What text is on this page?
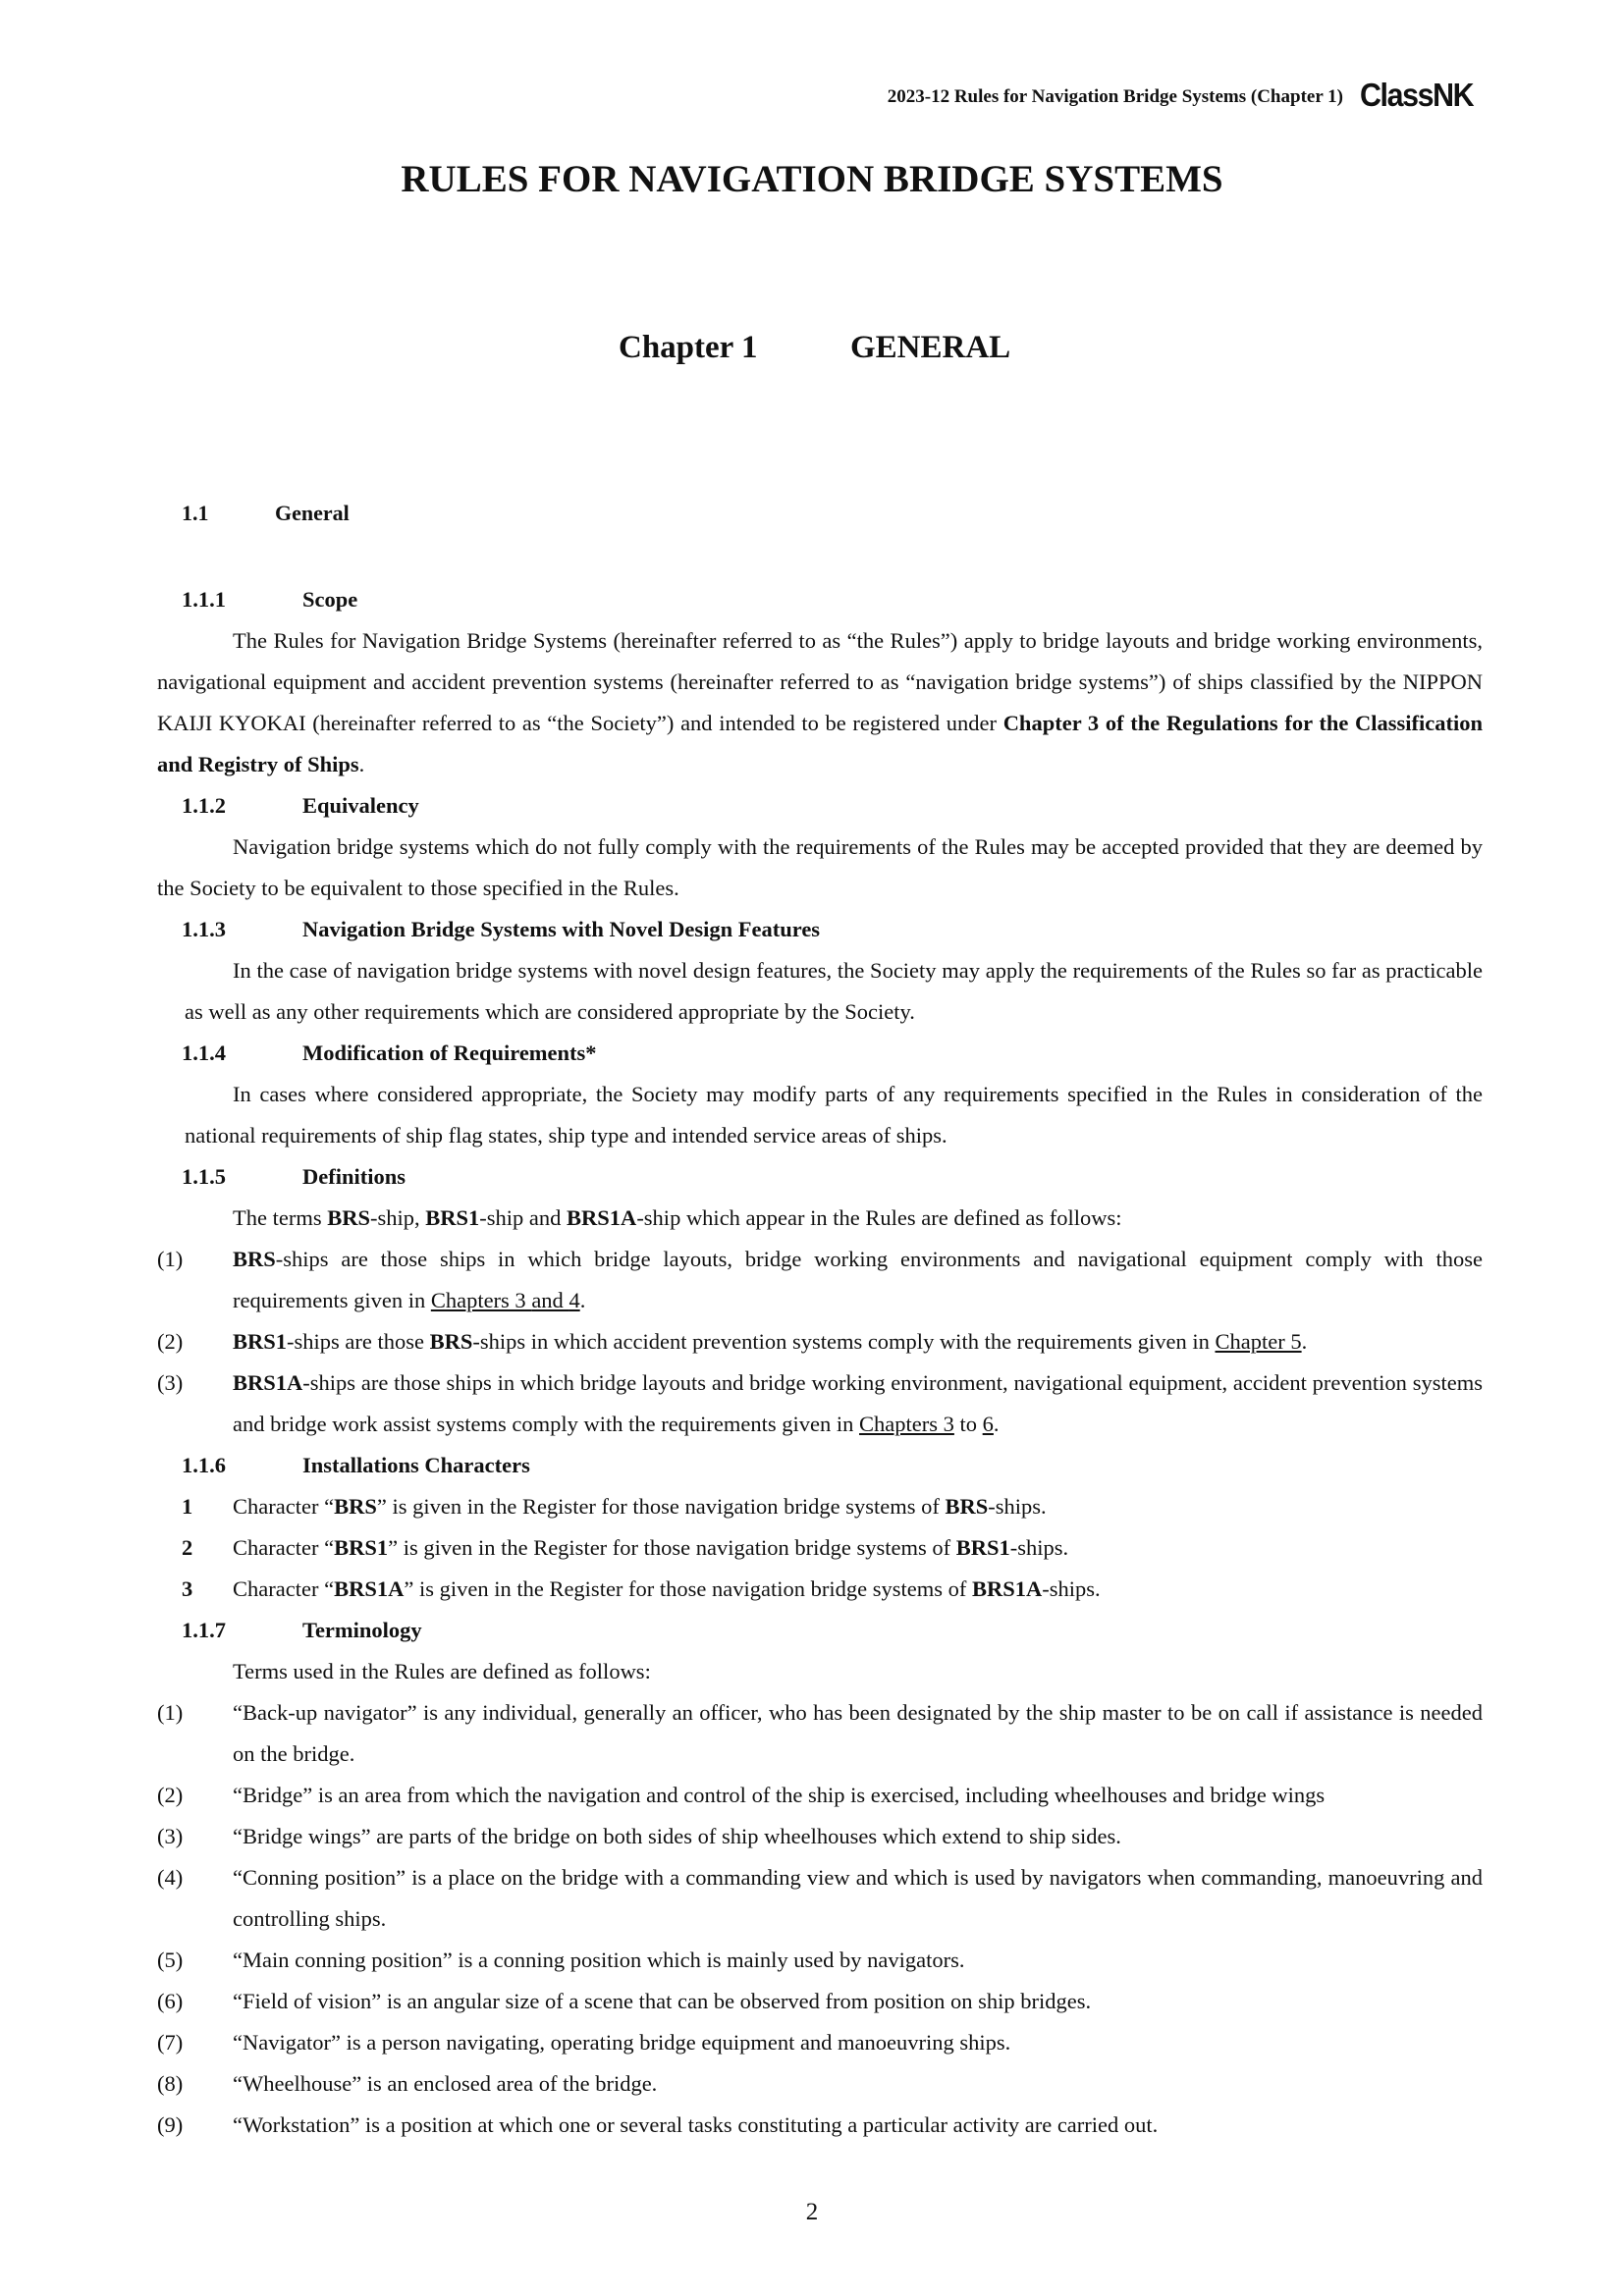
2023-12 Rules for Navigation Bridge Systems (Chapter 1) ClassNK
RULES FOR NAVIGATION BRIDGE SYSTEMS
Chapter 1	GENERAL
1.1	General
1.1.1	Scope

The Rules for Navigation Bridge Systems (hereinafter referred to as “the Rules”) apply to bridge layouts and bridge working environments, navigational equipment and accident prevention systems (hereinafter referred to as “navigation bridge systems”) of ships classified by the NIPPON KAIJI KYOKAI (hereinafter referred to as “the Society”) and intended to be registered under Chapter 3 of the Regulations for the Classification and Registry of Ships.

1.1.2	Equivalency

Navigation bridge systems which do not fully comply with the requirements of the Rules may be accepted provided that they are deemed by the Society to be equivalent to those specified in the Rules.

1.1.3	Navigation Bridge Systems with Novel Design Features

In the case of navigation bridge systems with novel design features, the Society may apply the requirements of the Rules so far as practicable as well as any other requirements which are considered appropriate by the Society.

1.1.4	Modification of Requirements*

In cases where considered appropriate, the Society may modify parts of any requirements specified in the Rules in consideration of the national requirements of ship flag states, ship type and intended service areas of ships.

1.1.5	Definitions

The terms BRS-ship, BRS1-ship and BRS1A-ship which appear in the Rules are defined as follows:

(1) BRS-ships are those ships in which bridge layouts, bridge working environments and navigational equipment comply with those requirements given in Chapters 3 and 4.
(2) BRS1-ships are those BRS-ships in which accident prevention systems comply with the requirements given in Chapter 5.
(3) BRS1A-ships are those ships in which bridge layouts and bridge working environment, navigational equipment, accident prevention systems and bridge work assist systems comply with the requirements given in Chapters 3 to 6.
1.1.6	Installations Characters
1 Character “BRS” is given in the Register for those navigation bridge systems of BRS-ships.
2 Character “BRS1” is given in the Register for those navigation bridge systems of BRS1-ships.
3 Character “BRS1A” is given in the Register for those navigation bridge systems of BRS1A-ships.
1.1.7	Terminology

Terms used in the Rules are defined as follows:

(1) “Back-up navigator” is any individual, generally an officer, who has been designated by the ship master to be on call if assistance is needed on the bridge.
(2) “Bridge” is an area from which the navigation and control of the ship is exercised, including wheelhouses and bridge wings
(3) “Bridge wings” are parts of the bridge on both sides of ship wheelhouses which extend to ship sides.
(4) “Conning position” is a place on the bridge with a commanding view and which is used by navigators when commanding, manoeuvring and controlling ships.
(5) “Main conning position” is a conning position which is mainly used by navigators.
(6) “Field of vision” is an angular size of a scene that can be observed from position on ship bridges.
(7) “Navigator” is a person navigating, operating bridge equipment and manoeuvring ships.
(8) “Wheelhouse” is an enclosed area of the bridge.
(9) “Workstation” is a position at which one or several tasks constituting a particular activity are carried out.
2
